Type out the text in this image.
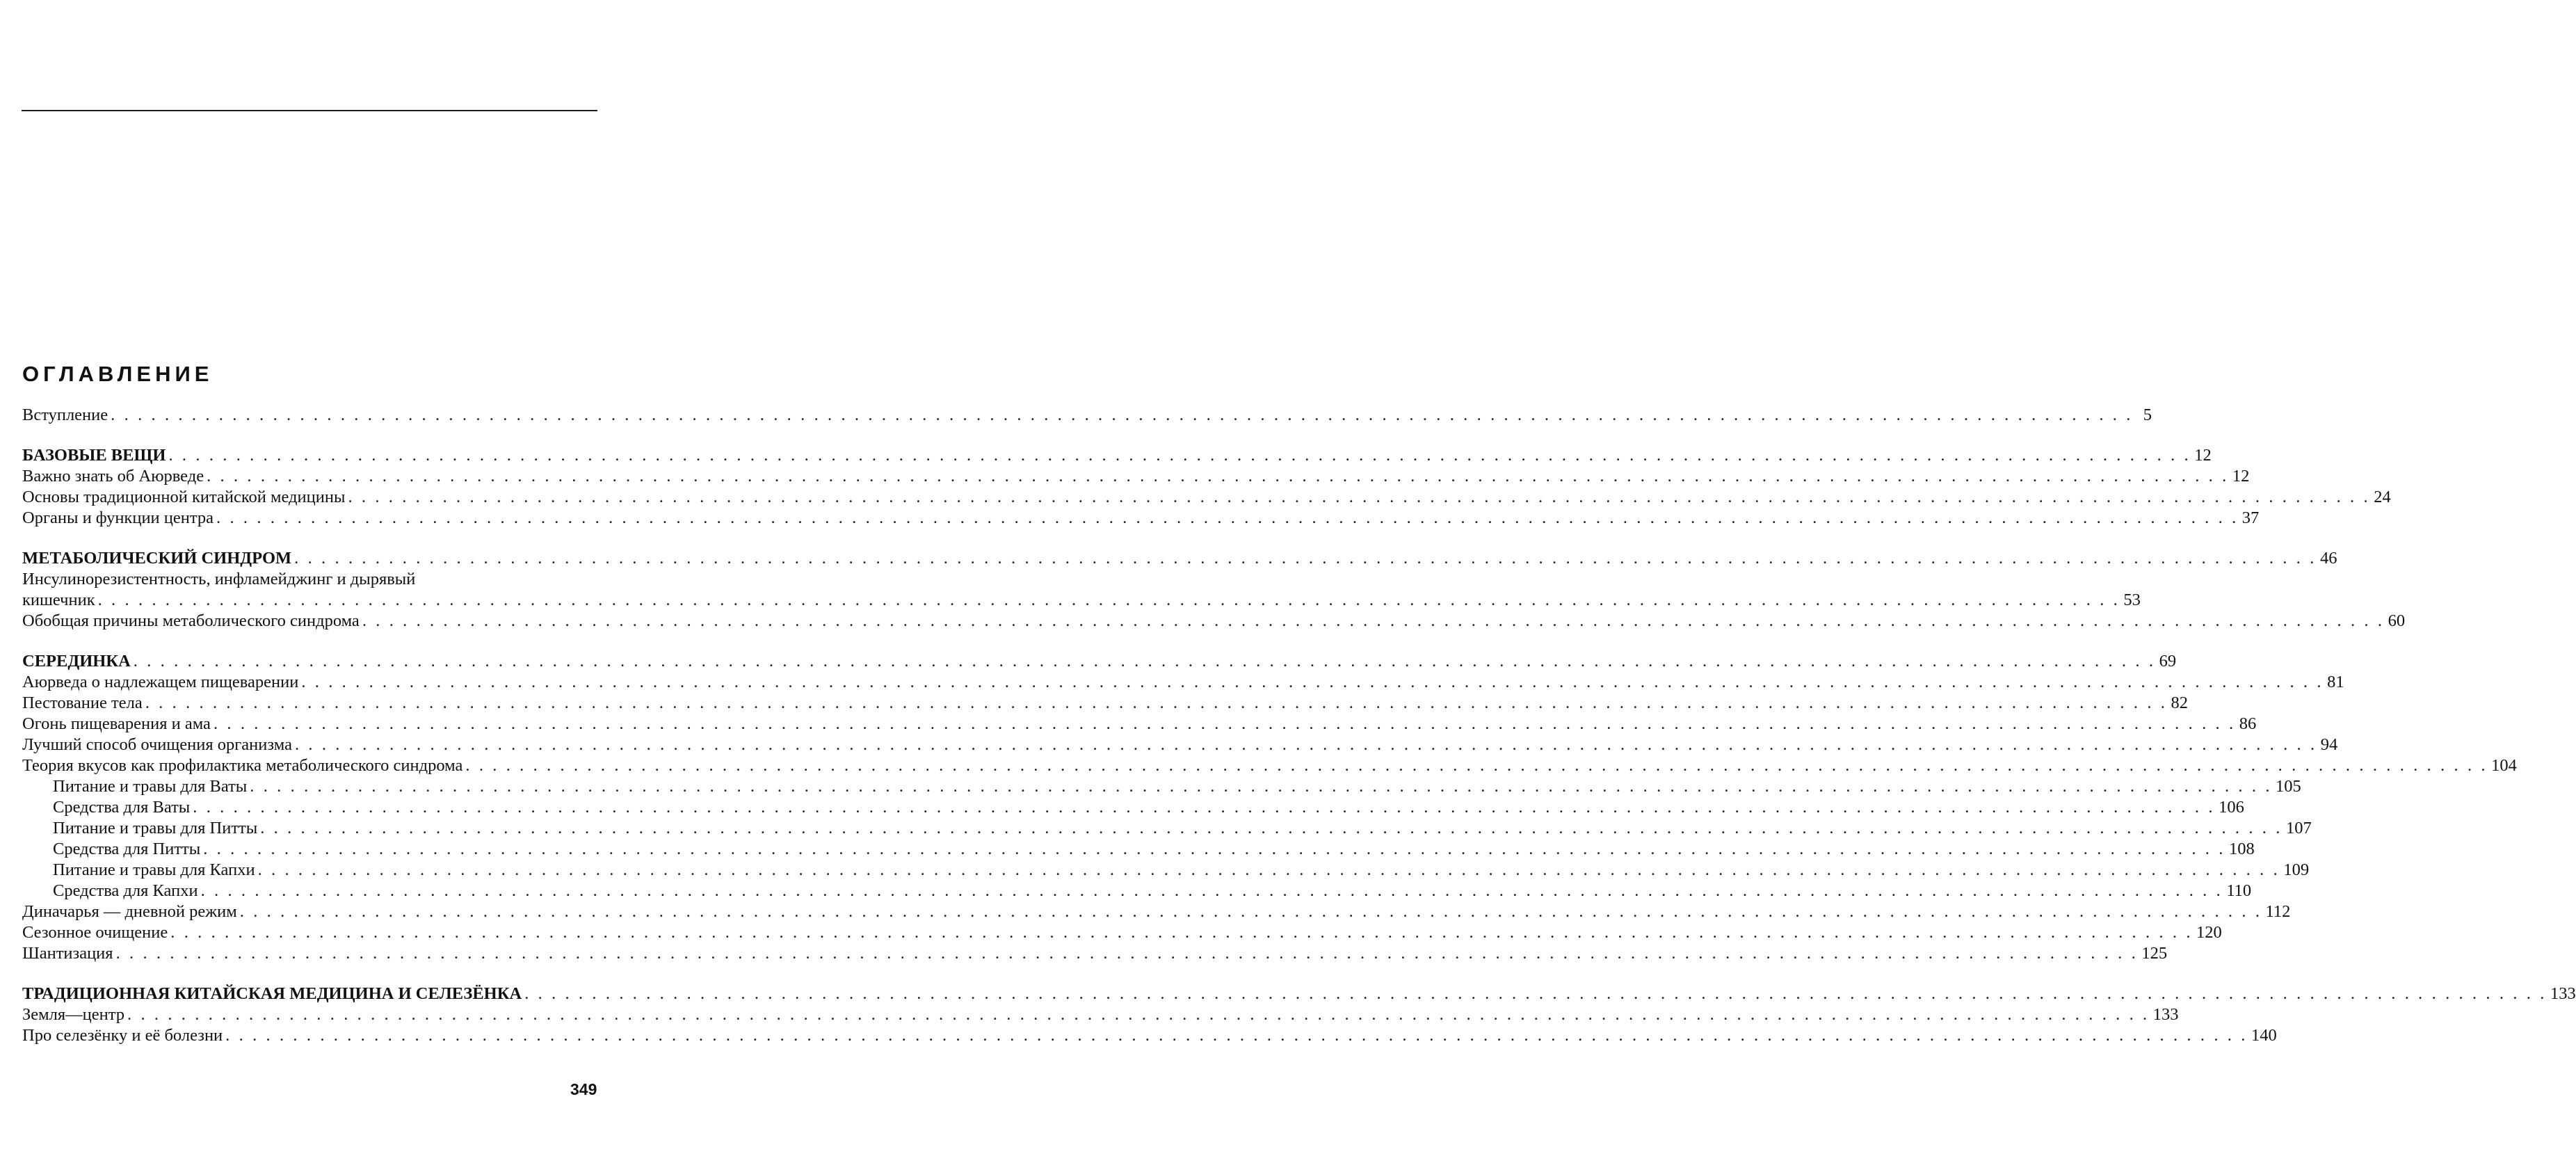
ОГЛАВЛЕНИЕ
Вступление . . . . . . . . . . . . . . . . . . . . . . . . . . . . . . . . . . . . . . . . . . . . . . . . . . . . . . . . . . . . . . . . . . . . . . . . . . . . . . . . . . . . . . . . . . . . . . . . . . . . . . . . . . . . . . . . . . . . . . . . . . . . . . . . . . . . . . . . . . . . . . . . . . . . . . 5
БАЗОВЫЕ ВЕЩИ . . . . . . . . . . . . . . . . . . . . . . . . . . . . . . . . . . . . . . . . . . . . . . . . . . . . . . . . . . . . . . . . . . . . . . . . . . . . . . . . . . . . . . . . . . . . . . . . . . . . . . . . . . . . . . . . . . . . . . . . . . . . . . . . . . . . . . . . . . . . . . . . . . . . . . 12
Важно знать об Аюрведе . . . . . . . . . . . . . . . . . . . . . . . . . . . . . . . . . . . . . . . . . . . . . . . . . . . . . . . . . . . . . . . . . . . . . . . . . . . . . . . . . . . . . . . . . . . . . . . . . . . . . . . . . . . . . . . . . . . . . . . . . . . . . . . . . . . . . . . . . . . . . . . . . . . . . . 12
Основы традиционной китайской медицины . . . . . . . . . . . . . . . . . . . . . . . . . . . . . . . . . . . . . . . . . . . . . . . . . . . . . . . . . . . . . . . . . . . . . . . . . . . . . . . . . . . . . . . . . . . . . . . . . . . . . . . . . . . . . . . . . . . . . . . . . . . . . . . . . . . . . . . . . . . . . . . . . . . . . . 24
Органы и функции центра . . . . . . . . . . . . . . . . . . . . . . . . . . . . . . . . . . . . . . . . . . . . . . . . . . . . . . . . . . . . . . . . . . . . . . . . . . . . . . . . . . . . . . . . . . . . . . . . . . . . . . . . . . . . . . . . . . . . . . . . . . . . . . . . . . . . . . . . . . . . . . . . . . . . . . 37
МЕТАБОЛИЧЕСКИЙ СИНДРОМ . . . . . . . . . . . . . . . . . . . . . . . . . . . . . . . . . . . . . . . . . . . . . . . . . . . . . . . . . . . . . . . . . . . . . . . . . . . . . . . . . . . . . . . . . . . . . . . . . . . . . . . . . . . . . . . . . . . . . . . . . . . . . . . . . . . . . . . . . . . . . . . . . . . . . . 46
Инсулинорезистентность, инфламейджинг и дырявый
кишечник . . . . . . . . . . . . . . . . . . . . . . . . . . . . . . . . . . . . . . . . . . . . . . . . . . . . . . . . . . . . . . . . . . . . . . . . . . . . . . . . . . . . . . . . . . . . . . . . . . . . . . . . . . . . . . . . . . . . . . . . . . . . . . . . . . . . . . . . . . . . . . . . . . . . . . 53
Обобщая причины метаболического синдрома . . . . . . . . . . . . . . . . . . . . . . . . . . . . . . . . . . . . . . . . . . . . . . . . . . . . . . . . . . . . . . . . . . . . . . . . . . . . . . . . . . . . . . . . . . . . . . . . . . . . . . . . . . . . . . . . . . . . . . . . . . . . . . . . . . . . . . . . . . . . . . . . . . . . . . 60
СЕРЕДИНКА . . . . . . . . . . . . . . . . . . . . . . . . . . . . . . . . . . . . . . . . . . . . . . . . . . . . . . . . . . . . . . . . . . . . . . . . . . . . . . . . . . . . . . . . . . . . . . . . . . . . . . . . . . . . . . . . . . . . . . . . . . . . . . . . . . . . . . . . . . . . . . . . . . . . . . 69
Аюрведа о надлежащем пищеварении . . . . . . . . . . . . . . . . . . . . . . . . . . . . . . . . . . . . . . . . . . . . . . . . . . . . . . . . . . . . . . . . . . . . . . . . . . . . . . . . . . . . . . . . . . . . . . . . . . . . . . . . . . . . . . . . . . . . . . . . . . . . . . . . . . . . . . . . . . . . . . . . . . . . . . 81
Пестование тела . . . . . . . . . . . . . . . . . . . . . . . . . . . . . . . . . . . . . . . . . . . . . . . . . . . . . . . . . . . . . . . . . . . . . . . . . . . . . . . . . . . . . . . . . . . . . . . . . . . . . . . . . . . . . . . . . . . . . . . . . . . . . . . . . . . . . . . . . . . . . . . . . . . . . . 82
Огонь пищеварения и ама . . . . . . . . . . . . . . . . . . . . . . . . . . . . . . . . . . . . . . . . . . . . . . . . . . . . . . . . . . . . . . . . . . . . . . . . . . . . . . . . . . . . . . . . . . . . . . . . . . . . . . . . . . . . . . . . . . . . . . . . . . . . . . . . . . . . . . . . . . . . . . . . . . . . . . 86
Лучший способ очищения организма . . . . . . . . . . . . . . . . . . . . . . . . . . . . . . . . . . . . . . . . . . . . . . . . . . . . . . . . . . . . . . . . . . . . . . . . . . . . . . . . . . . . . . . . . . . . . . . . . . . . . . . . . . . . . . . . . . . . . . . . . . . . . . . . . . . . . . . . . . . . . . . . . . . . . . 94
Теория вкусов как профилактика метаболического синдрома . . . . . . . . . . . . . . . . . . . . . . . . . . . . . . . . . . . . . . . . . . . . . . . . . . . . . . . . . . . . . . . . . . . . . . . . . . . . . . . . . . . . . . . . . . . . . . . . . . . . . . . . . . . . . . . . . . . . . . . . . . . . . . . . . . . . . . . . . . . . . . . . . . . . . . 104
Питание и травы для Ваты . . . . . . . . . . . . . . . . . . . . . . . . . . . . . . . . . . . . . . . . . . . . . . . . . . . . . . . . . . . . . . . . . . . . . . . . . . . . . . . . . . . . . . . . . . . . . . . . . . . . . . . . . . . . . . . . . . . . . . . . . . . . . . . . . . . . . . . . . . . . . . . . . . . . . . 105
Средства для Ваты . . . . . . . . . . . . . . . . . . . . . . . . . . . . . . . . . . . . . . . . . . . . . . . . . . . . . . . . . . . . . . . . . . . . . . . . . . . . . . . . . . . . . . . . . . . . . . . . . . . . . . . . . . . . . . . . . . . . . . . . . . . . . . . . . . . . . . . . . . . . . . . . . . . . . . 106
Питание и травы для Питты . . . . . . . . . . . . . . . . . . . . . . . . . . . . . . . . . . . . . . . . . . . . . . . . . . . . . . . . . . . . . . . . . . . . . . . . . . . . . . . . . . . . . . . . . . . . . . . . . . . . . . . . . . . . . . . . . . . . . . . . . . . . . . . . . . . . . . . . . . . . . . . . . . . . . . 107
Средства для Питты . . . . . . . . . . . . . . . . . . . . . . . . . . . . . . . . . . . . . . . . . . . . . . . . . . . . . . . . . . . . . . . . . . . . . . . . . . . . . . . . . . . . . . . . . . . . . . . . . . . . . . . . . . . . . . . . . . . . . . . . . . . . . . . . . . . . . . . . . . . . . . . . . . . . . . 108
Питание и травы для Капхи . . . . . . . . . . . . . . . . . . . . . . . . . . . . . . . . . . . . . . . . . . . . . . . . . . . . . . . . . . . . . . . . . . . . . . . . . . . . . . . . . . . . . . . . . . . . . . . . . . . . . . . . . . . . . . . . . . . . . . . . . . . . . . . . . . . . . . . . . . . . . . . . . . . . . . 109
Средства для Капхи . . . . . . . . . . . . . . . . . . . . . . . . . . . . . . . . . . . . . . . . . . . . . . . . . . . . . . . . . . . . . . . . . . . . . . . . . . . . . . . . . . . . . . . . . . . . . . . . . . . . . . . . . . . . . . . . . . . . . . . . . . . . . . . . . . . . . . . . . . . . . . . . . . . . . . 110
Диначарья — дневной режим . . . . . . . . . . . . . . . . . . . . . . . . . . . . . . . . . . . . . . . . . . . . . . . . . . . . . . . . . . . . . . . . . . . . . . . . . . . . . . . . . . . . . . . . . . . . . . . . . . . . . . . . . . . . . . . . . . . . . . . . . . . . . . . . . . . . . . . . . . . . . . . . . . . . . . 112
Сезонное очищение . . . . . . . . . . . . . . . . . . . . . . . . . . . . . . . . . . . . . . . . . . . . . . . . . . . . . . . . . . . . . . . . . . . . . . . . . . . . . . . . . . . . . . . . . . . . . . . . . . . . . . . . . . . . . . . . . . . . . . . . . . . . . . . . . . . . . . . . . . . . . . . . . . . . . . 120
Шантизация . . . . . . . . . . . . . . . . . . . . . . . . . . . . . . . . . . . . . . . . . . . . . . . . . . . . . . . . . . . . . . . . . . . . . . . . . . . . . . . . . . . . . . . . . . . . . . . . . . . . . . . . . . . . . . . . . . . . . . . . . . . . . . . . . . . . . . . . . . . . . . . . . . . . . . 125
ТРАДИЦИОННАЯ КИТАЙСКАЯ МЕДИЦИНА И СЕЛЕЗЁНКА . . . . . . . . . . . . . . . . . . . . . . . . . . . . . . . . . . . . . . . . . . . . . . . . . . . . . . . . . . . . . . . . . . . . . . . . . . . . . . . . . . . . . . . . . . . . . . . . . . . . . . . . . . . . . . . . . . . . . . . . . . . . . . . . . . . . . . . . . . . . . . . . . . . . . . 133
Земля—центр . . . . . . . . . . . . . . . . . . . . . . . . . . . . . . . . . . . . . . . . . . . . . . . . . . . . . . . . . . . . . . . . . . . . . . . . . . . . . . . . . . . . . . . . . . . . . . . . . . . . . . . . . . . . . . . . . . . . . . . . . . . . . . . . . . . . . . . . . . . . . . . . . . . . . . 133
Про селезёнку и её болезни . . . . . . . . . . . . . . . . . . . . . . . . . . . . . . . . . . . . . . . . . . . . . . . . . . . . . . . . . . . . . . . . . . . . . . . . . . . . . . . . . . . . . . . . . . . . . . . . . . . . . . . . . . . . . . . . . . . . . . . . . . . . . . . . . . . . . . . . . . . . . . . . . . . . . . 140
349
